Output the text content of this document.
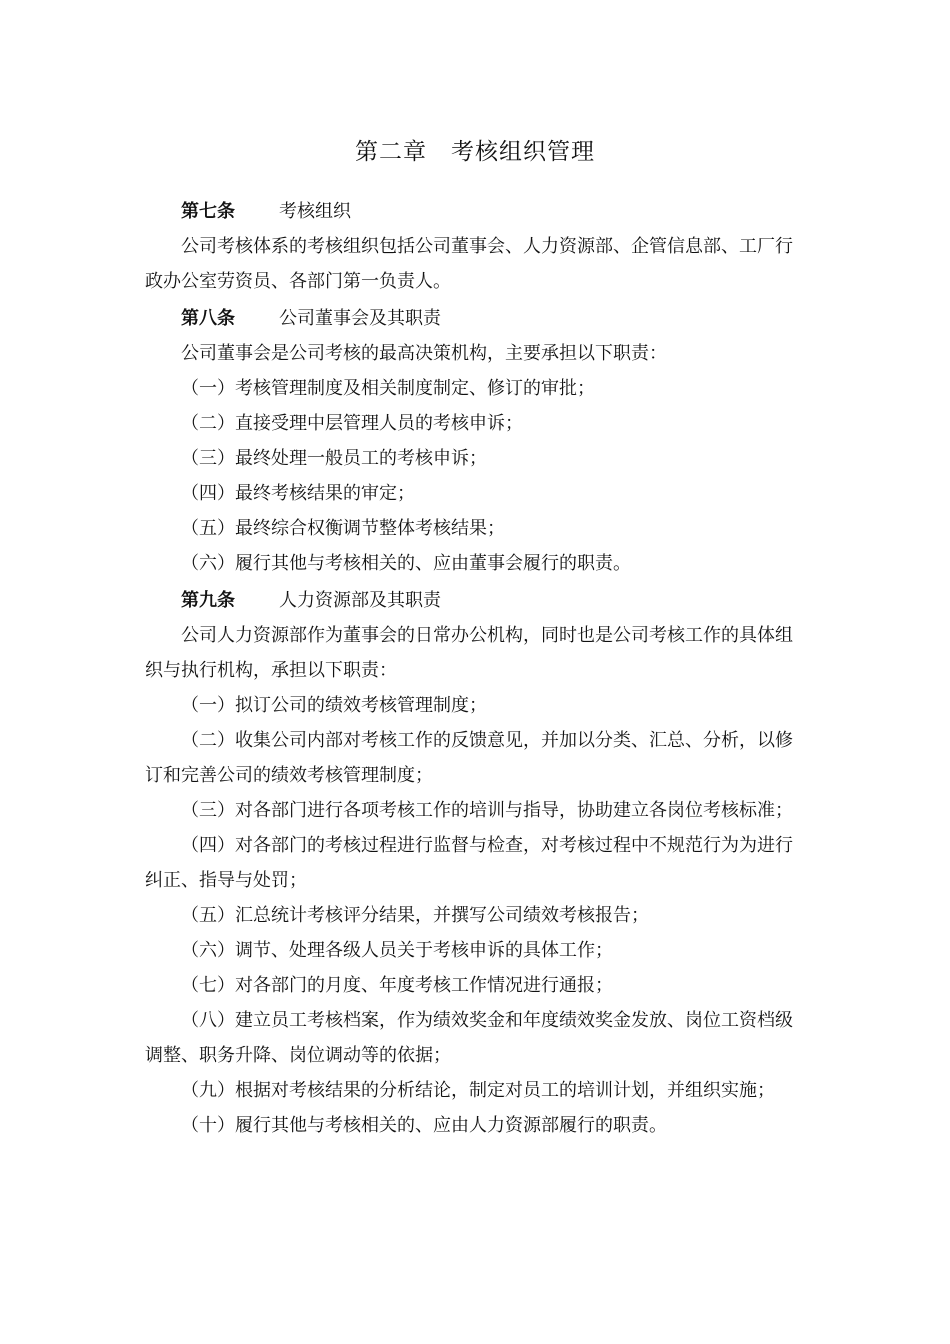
第二章 考核组织管理

第七条 考核组织

公司考核体系的考核组织包括公司董事会、人力资源部、企管信息部、工厂行政办公室劳资员、各部门第一负责人。

第八条 公司董事会及其职责

公司董事会是公司考核的最高决策机构，主要承担以下职责：

（一）考核管理制度及相关制度制定、修订的审批；

（二）直接受理中层管理人员的考核申诉；

（三）最终处理一般员工的考核申诉；

（四）最终考核结果的审定；

（五）最终综合权衡调节整体考核结果；

（六）履行其他与考核相关的、应由董事会履行的职责。

第九条 人力资源部及其职责

公司人力资源部作为董事会的日常办公机构，同时也是公司考核工作的具体组织与执行机构，承担以下职责：

（一）拟订公司的绩效考核管理制度；

（二）收集公司内部对考核工作的反馈意见，并加以分类、汇总、分析，以修订和完善公司的绩效考核管理制度；

（三）对各部门进行各项考核工作的培训与指导，协助建立各岗位考核标准；

（四）对各部门的考核过程进行监督与检查，对考核过程中不规范行为为进行纠正、指导与处罚；

（五）汇总统计考核评分结果，并撰写公司绩效考核报告；

（六）调节、处理各级人员关于考核申诉的具体工作；

（七）对各部门的月度、年度考核工作情况进行通报；

（八）建立员工考核档案，作为绩效奖金和年度绩效奖金发放、岗位工资档级调整、职务升降、岗位调动等的依据；

（九）根据对考核结果的分析结论，制定对员工的培训计划，并组织实施；

（十）履行其他与考核相关的、应由人力资源部履行的职责。
